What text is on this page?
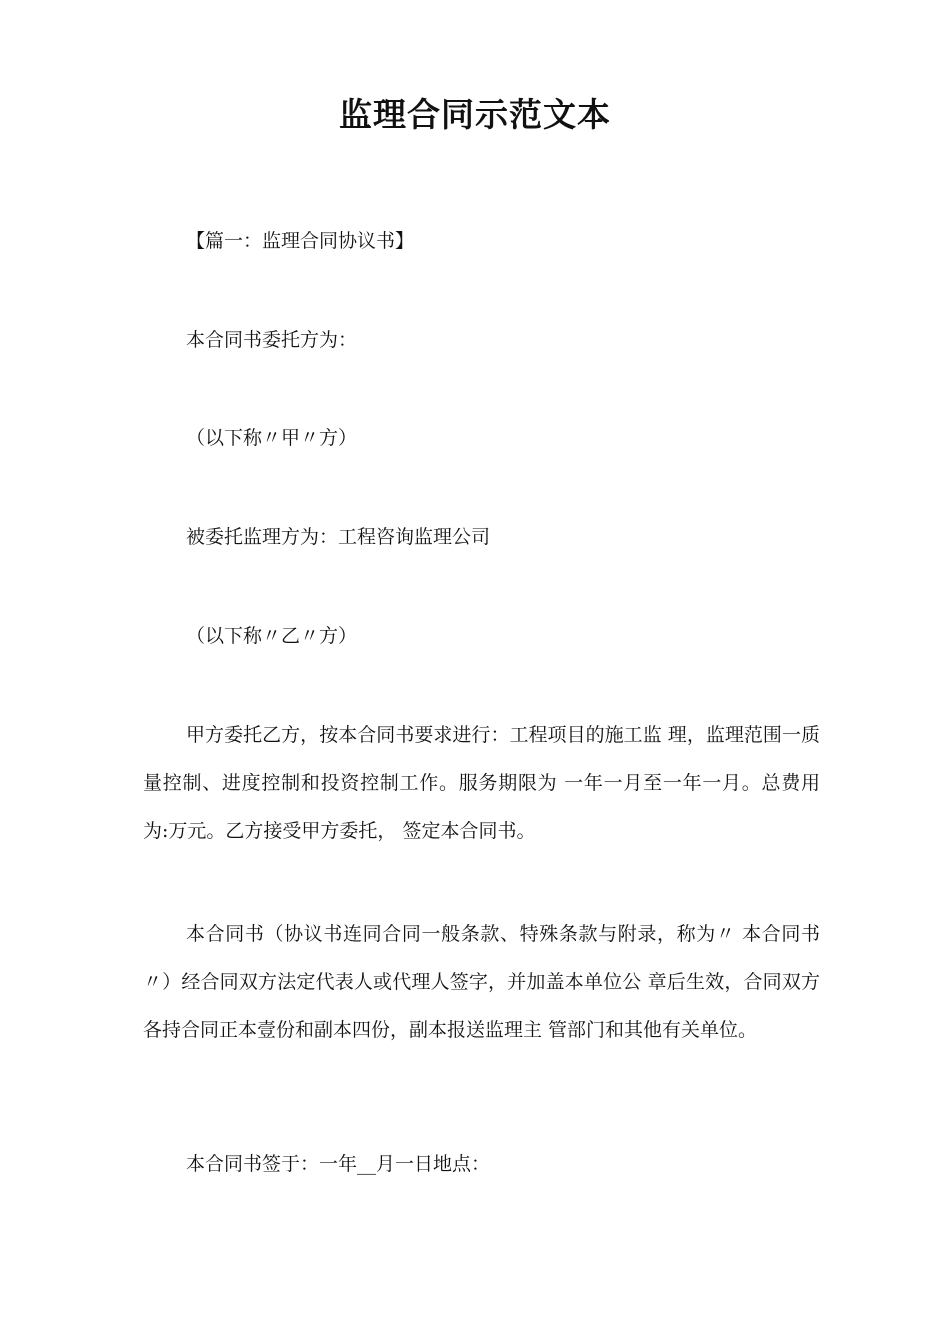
监理合同示范文本

【篇一：监理合同协议书】

本合同书委托方为：

（以下称〃甲〃方）

被委托监理方为：工程咨询监理公司

（以下称〃乙〃方）

甲方委托乙方，按本合同书要求进行：工程项目的施工监 理，监理范围一质量控制、进度控制和投资控制工作。服务期限为 一年一月至一年一月。总费用为:万元。乙方接受甲方委托， 签定本合同书。

本合同书（协议书连同合同一般条款、特殊条款与附录，称为〃 本合同书〃）经合同双方法定代表人或代理人签字，并加盖本单位公 章后生效，合同双方各持合同正本壹份和副本四份，副本报送监理主 管部门和其他有关单位。

本合同书签于：一年__月一日地点：
